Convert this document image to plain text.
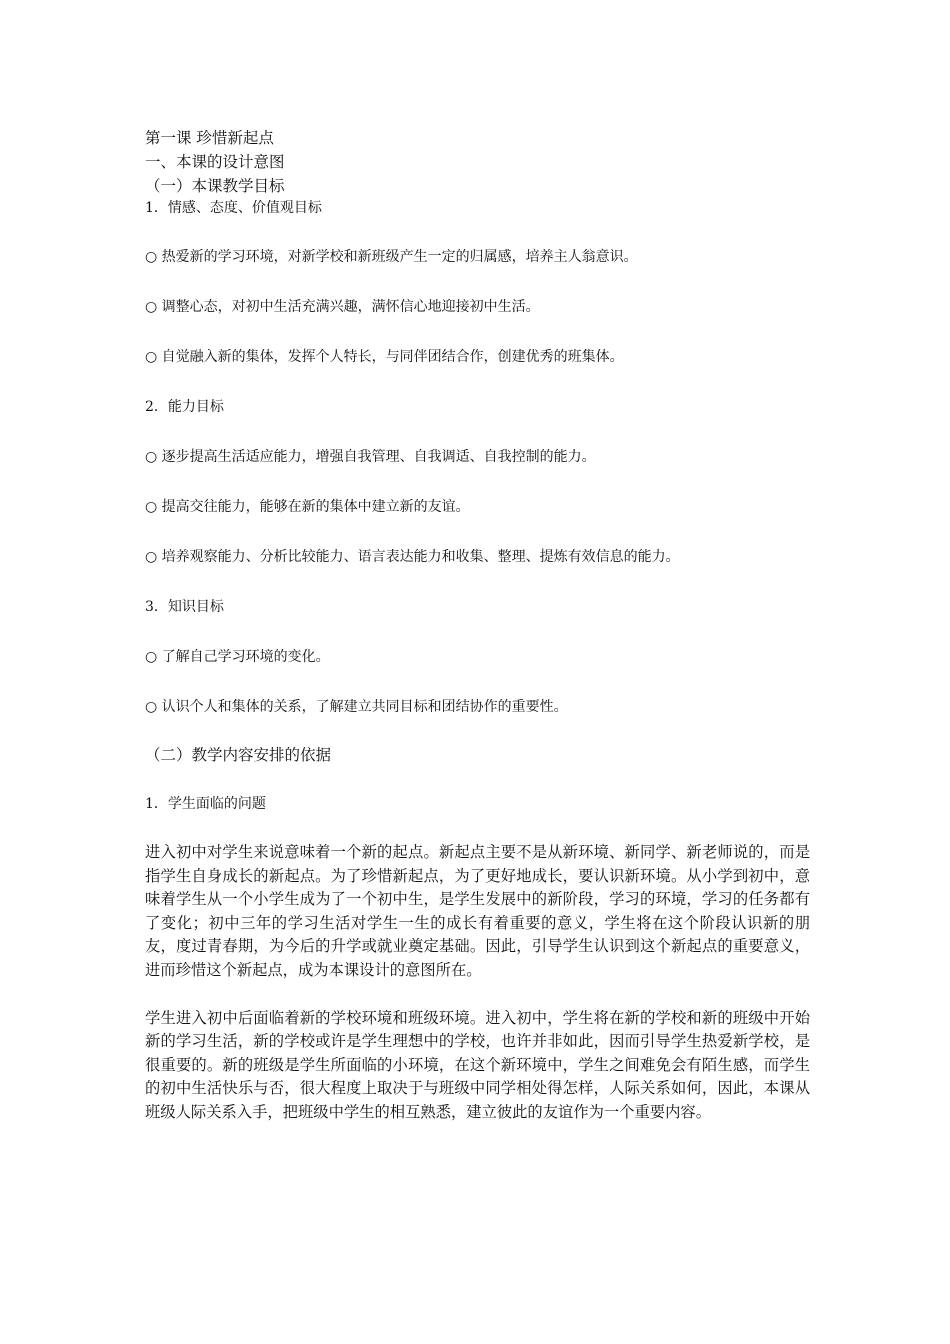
第一课 珍惜新起点

一、本课的设计意图

（一）本课教学目标

1．情感、态度、价值观目标

○ 热爱新的学习环境，对新学校和新班级产生一定的归属感，培养主人翁意识。

○ 调整心态，对初中生活充满兴趣，满怀信心地迎接初中生活。

○ 自觉融入新的集体，发挥个人特长，与同伴团结合作，创建优秀的班集体。

2．能力目标

○ 逐步提高生活适应能力，增强自我管理、自我调适、自我控制的能力。

○ 提高交往能力，能够在新的集体中建立新的友谊。

○ 培养观察能力、分析比较能力、语言表达能力和收集、整理、提炼有效信息的能力。

3．知识目标

○ 了解自己学习环境的变化。

○ 认识个人和集体的关系，了解建立共同目标和团结协作的重要性。

（二）教学内容安排的依据

1．学生面临的问题

进入初中对学生来说意味着一个新的起点。新起点主要不是从新环境、新同学、新老师说的，而是指学生自身成长的新起点。为了珍惜新起点，为了更好地成长，要认识新环境。从小学到初中，意味着学生从一个小学生成为了一个初中生，是学生发展中的新阶段，学习的环境，学习的任务都有了变化；初中三年的学习生活对学生一生的成长有着重要的意义，学生将在这个阶段认识新的朋友，度过青春期，为今后的升学或就业奠定基础。因此，引导学生认识到这个新起点的重要意义，进而珍惜这个新起点，成为本课设计的意图所在。

学生进入初中后面临着新的学校环境和班级环境。进入初中，学生将在新的学校和新的班级中开始新的学习生活，新的学校或许是学生理想中的学校，也许并非如此，因而引导学生热爱新学校，是很重要的。新的班级是学生所面临的小环境，在这个新环境中，学生之间难免会有陌生感，而学生的初中生活快乐与否，很大程度上取决于与班级中同学相处得怎样，人际关系如何，因此，本课从班级人际关系入手，把班级中学生的相互熟悉，建立彼此的友谊作为一个重要内容。
